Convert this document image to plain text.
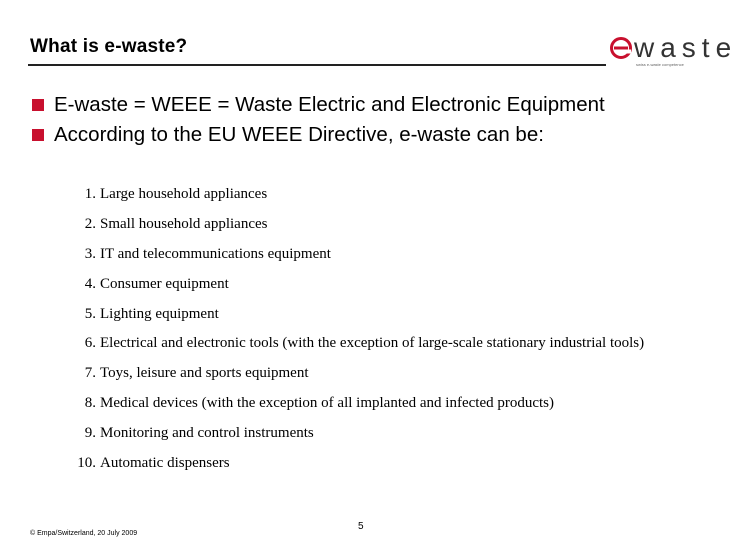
What is e-waste?	waste
swiss e-waste competence
E-waste = WEEE = Waste Electric and Electronic Equipment
According to the EU WEEE Directive, e-waste can be:
1. Large household appliances
2. Small household appliances
3. IT and telecommunications equipment
4. Consumer equipment
5. Lighting equipment
6. Electrical and electronic tools (with the exception of large-scale stationary industrial tools)
7. Toys, leisure and sports equipment
8. Medical devices (with the exception of all implanted and infected products)
9. Monitoring and control instruments
10. Automatic dispensers
© Empa/Switzerland, 20 July 2009
5
